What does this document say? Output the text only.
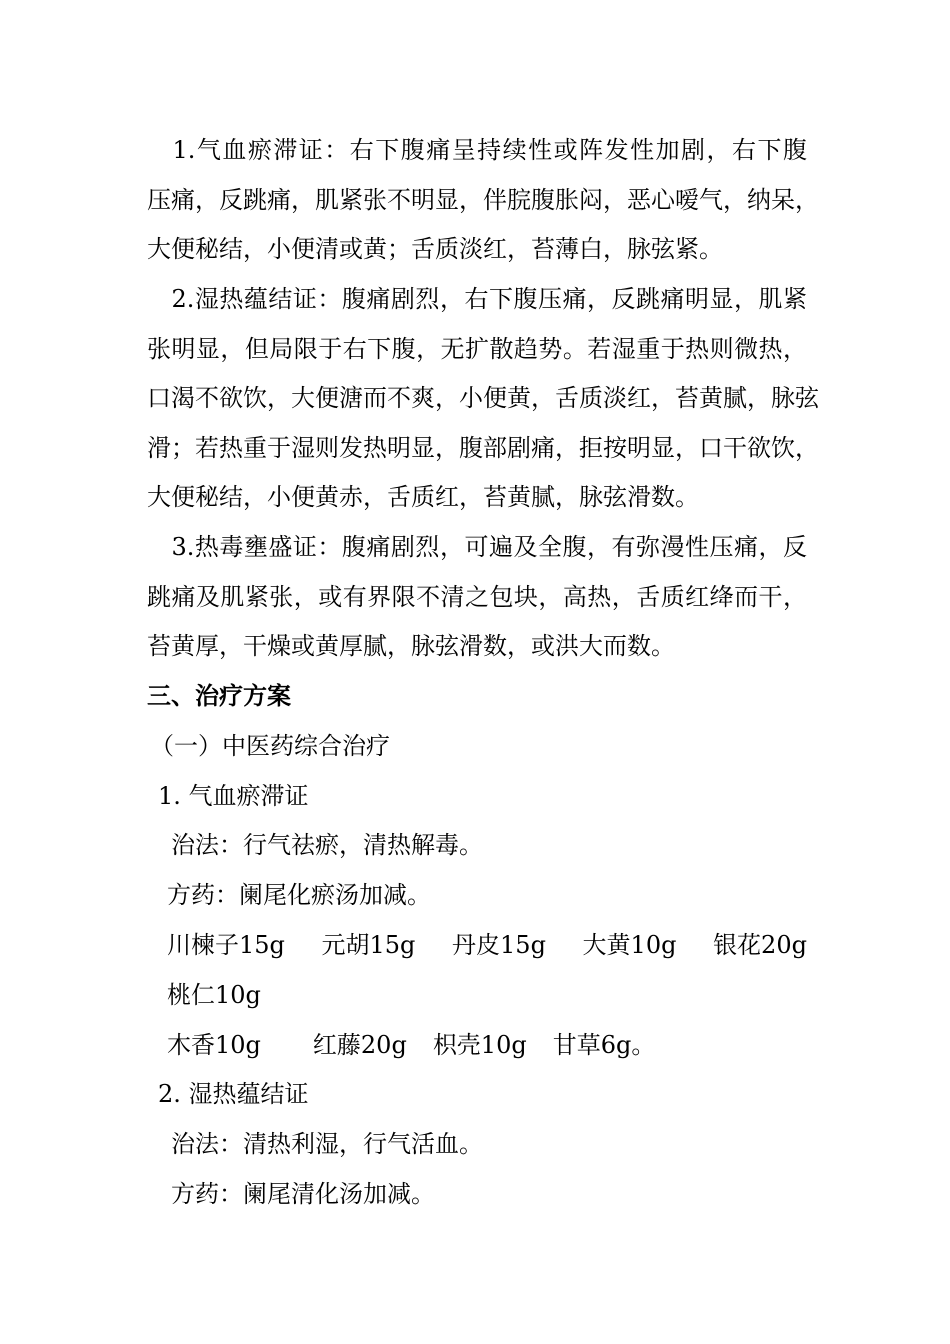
　1.气血瘀滞证：右下腹痛呈持续性或阵发性加剧，右下腹
压痛，反跳痛，肌紧张不明显，伴脘腹胀闷，恶心嗳气，纳呆，
大便秘结，小便清或黄；舌质淡红，苔薄白，脉弦紧。
　2.湿热蕴结证：腹痛剧烈，右下腹压痛，反跳痛明显，肌紧
张明显，但局限于右下腹，无扩散趋势。若湿重于热则微热，
口渴不欲饮，大便溏而不爽，小便黄，舌质淡红，苔黄腻，脉弦
滑；若热重于湿则发热明显，腹部剧痛，拒按明显，口干欲饮，
大便秘结，小便黄赤，舌质红，苔黄腻，脉弦滑数。
　3.热毒壅盛证：腹痛剧烈，可遍及全腹，有弥漫性压痛，反
跳痛及肌紧张，或有界限不清之包块，高热，舌质红绛而干，
苔黄厚，干燥或黄厚腻，脉弦滑数，或洪大而数。
三、治疗方案
（一）中医药综合治疗
1. 气血瘀滞证
治法：行气祛瘀，清热解毒。
方药：阑尾化瘀汤加减。
川楝子15g 元胡15g 丹皮15g 大黄10g 银花20g
桃仁10g
木香10g 红藤20g 枳壳10g 甘草6g。
2. 湿热蕴结证
治法：清热利湿，行气活血。
方药：阑尾清化汤加减。
